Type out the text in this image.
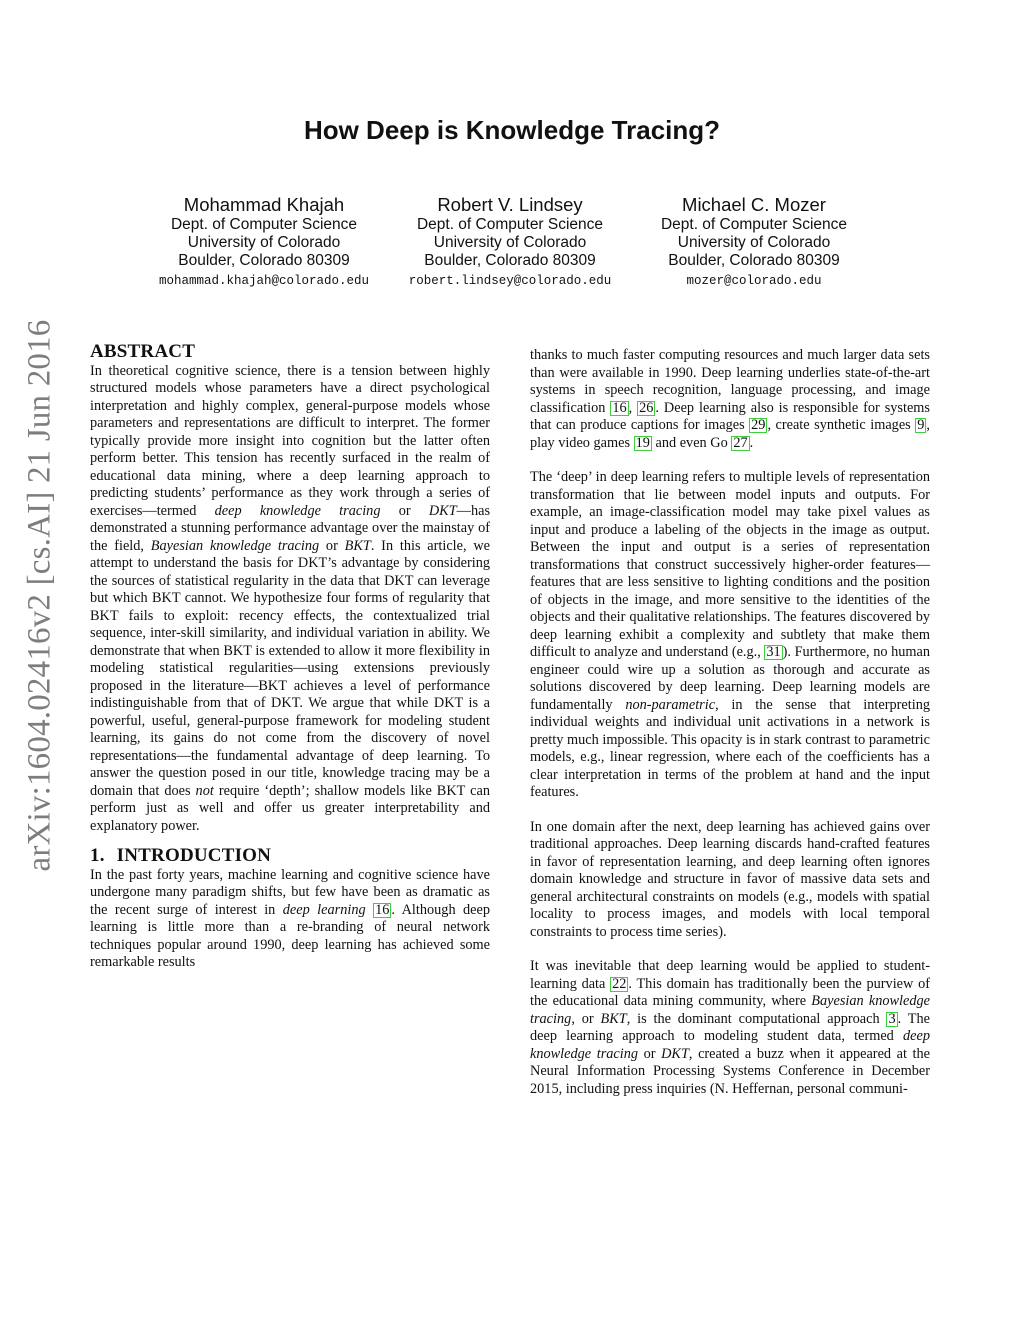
arXiv:1604.02416v2 [cs.AI] 21 Jun 2016
How Deep is Knowledge Tracing?
Mohammad Khajah
Dept. of Computer Science
University of Colorado
Boulder, Colorado 80309
mohammad.khajah@colorado.edu
Robert V. Lindsey
Dept. of Computer Science
University of Colorado
Boulder, Colorado 80309
robert.lindsey@colorado.edu
Michael C. Mozer
Dept. of Computer Science
University of Colorado
Boulder, Colorado 80309
mozer@colorado.edu
ABSTRACT

In theoretical cognitive science, there is a tension between highly structured models whose parameters have a direct psychological interpretation and highly complex, general-purpose models whose parameters and representations are difficult to interpret. The former typically provide more insight into cognition but the latter often perform better. This tension has recently surfaced in the realm of educational data mining, where a deep learning approach to predicting students’ performance as they work through a series of exercises—termed deep knowledge tracing or DKT—has demonstrated a stunning performance advantage over the mainstay of the field, Bayesian knowledge tracing or BKT. In this article, we attempt to understand the basis for DKT’s advantage by considering the sources of statistical regularity in the data that DKT can leverage but which BKT cannot. We hypothesize four forms of regularity that BKT fails to exploit: recency effects, the contextualized trial sequence, inter-skill similarity, and individual variation in ability. We demonstrate that when BKT is extended to allow it more flexibility in modeling statistical regularities—using extensions previously proposed in the literature—BKT achieves a level of performance indistinguishable from that of DKT. We argue that while DKT is a powerful, useful, general-purpose framework for modeling student learning, its gains do not come from the discovery of novel representations—the fundamental advantage of deep learning. To answer the question posed in our title, knowledge tracing may be a domain that does not require ‘depth’; shallow models like BKT can perform just as well and offer us greater interpretability and explanatory power.

1. INTRODUCTION

In the past forty years, machine learning and cognitive science have undergone many paradigm shifts, but few have been as dramatic as the recent surge of interest in deep learning 16 . Although deep learning is little more than a re-branding of neural network techniques popular around 1990, deep learning has achieved some remarkable results

thanks to much faster computing resources and much larger data sets than were available in 1990. Deep learning underlies state-of-the-art systems in speech recognition, language processing, and image classification 16 , 26 . Deep learning also is responsible for systems that can produce captions for images 29 , create synthetic images 9 , play video games 19 and even Go 27 .

The ‘deep’ in deep learning refers to multiple levels of representation transformation that lie between model inputs and outputs. For example, an image-classification model may take pixel values as input and produce a labeling of the objects in the image as output. Between the input and output is a series of representation transformations that construct successively higher-order features—features that are less sensitive to lighting conditions and the position of objects in the image, and more sensitive to the identities of the objects and their qualitative relationships. The features discovered by deep learning exhibit a complexity and subtlety that make them difficult to analyze and understand (e.g., 31 ). Furthermore, no human engineer could wire up a solution as thorough and accurate as solutions discovered by deep learning. Deep learning models are fundamentally non-parametric, in the sense that interpreting individual weights and individual unit activations in a network is pretty much impossible. This opacity is in stark contrast to parametric models, e.g., linear regression, where each of the coefficients has a clear interpretation in terms of the problem at hand and the input features.

In one domain after the next, deep learning has achieved gains over traditional approaches. Deep learning discards hand-crafted features in favor of representation learning, and deep learning often ignores domain knowledge and structure in favor of massive data sets and general architectural constraints on models (e.g., models with spatial locality to process images, and models with local temporal constraints to process time series).

It was inevitable that deep learning would be applied to student-learning data 22 . This domain has traditionally been the purview of the educational data mining community, where Bayesian knowledge tracing, or BKT, is the dominant computational approach 3 . The deep learning approach to modeling student data, termed deep knowledge tracing or DKT, created a buzz when it appeared at the Neural Information Processing Systems Conference in December 2015, including press inquiries (N. Heffernan, personal communi-
